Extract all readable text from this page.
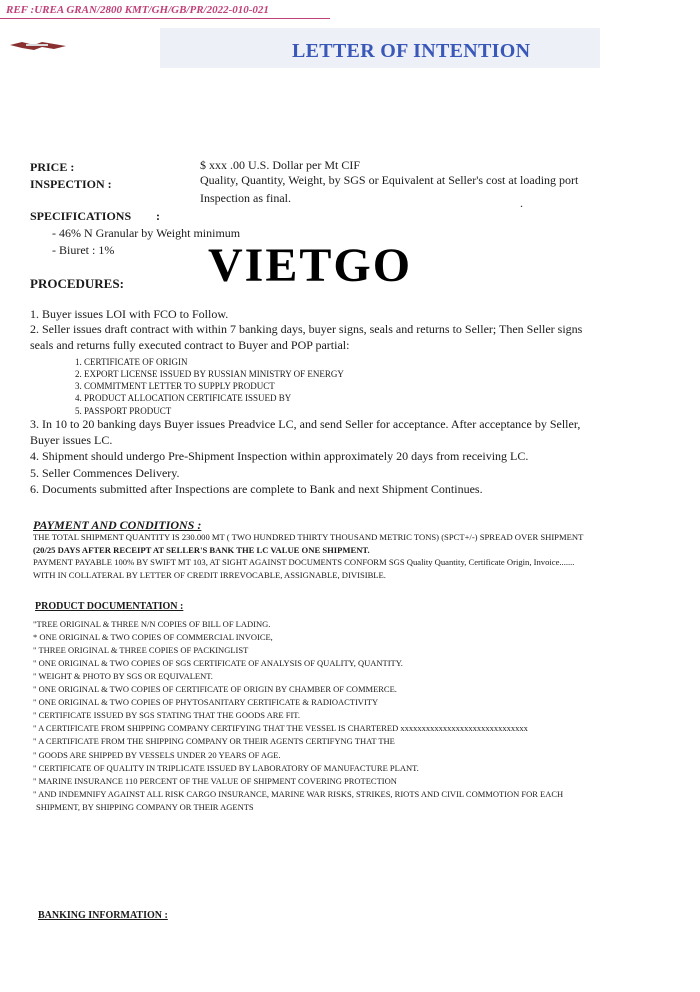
REF :UREA GRAN/2800 KMT/GH/GB/PR/2022-010-021
LETTER OF INTENTION
PRICE :	$ xxx .00 U.S. Dollar per Mt CIF
INSPECTION :	Quality, Quantity, Weight, by SGS or Equivalent at Seller's cost at loading port
Inspection as final.	.
SPECIFICATIONS :
- 46% N Granular by Weight minimum
- Biuret : 1% VIETGO
PROCEDURES:
1. Buyer issues LOI with FCO to Follow.
2. Seller issues draft contract with within 7 banking days, buyer signs, seals and returns to Seller; Then Seller signs
seals and returns fully executed contract to Buyer and POP partial:
1. CERTIFICATE OF ORIGIN
2. EXPORT LICENSE ISSUED BY RUSSIAN MINISTRY OF ENERGY
3. COMMITMENT LETTER TO SUPPLY PRODUCT
4. PRODUCT ALLOCATION CERTIFICATE ISSUED BY
5. PASSPORT PRODUCT
3. In 10 to 20 banking days Buyer issues Preadvice LC, and send Seller for acceptance. After acceptance by Seller,
Buyer issues LC.
4. Shipment should undergo Pre-Shipment Inspection within approximately 20 days from receiving LC.
5. Seller Commences Delivery.
6. Documents submitted after Inspections are complete to Bank and next Shipment Continues.
PAYMENT AND CONDITIONS :
THE TOTAL SHIPMENT QUANTITY IS 230.000 MT ( TWO HUNDRED THIRTY THOUSAND METRIC TONS) (SPCT+/-) SPREAD OVER SHIPMENT
(20/25 DAYS AFTER RECEIPT AT SELLER'S BANK THE LC VALUE ONE SHIPMENT.
PAYMENT PAYABLE 100% BY SWIFT MT 103, AT SIGHT AGAINST DOCUMENTS CONFORM SGS Quality Quantity, Certificate Origin, Invoice.......
WITH IN COLLATERAL BY LETTER OF CREDIT IRREVOCABLE, ASSIGNABLE, DIVISIBLE.
PRODUCT DOCUMENTATION :
"TREE ORIGINAL & THREE N/N COPIES OF BILL OF LADING.
* ONE ORIGINAL & TWO COPIES OF COMMERCIAL INVOICE,
" THREE ORIGINAL & THREE COPIES OF PACKINGLIST
" ONE ORIGINAL & TWO COPIES OF SGS CERTIFICATE OF ANALYSIS OF QUALITY, QUANTITY.
" WEIGHT & PHOTO BY SGS OR EQUIVALENT.
" ONE ORIGINAL & TWO COPIES OF CERTIFICATE OF ORIGIN BY CHAMBER OF COMMERCE.
" ONE ORIGINAL & TWO COPIES OF PHYTOSANITARY CERTIFICATE & RADIOACTIVITY
" CERTIFICATE ISSUED BY SGS STATING THAT THE GOODS ARE FIT.
" A CERTIFICATE FROM SHIPPING COMPANY CERTIFYING THAT THE VESSEL IS CHARTERED xxxxxxxxxxxxxxxxxxxxxxxxxxxxxx
" A CERTIFICATE FROM THE SHIPPING COMPANY OR THEIR AGENTS CERTIFYNG THAT THE
" GOODS ARE SHIPPED BY VESSELS UNDER 20 YEARS OF AGE.
" CERTIFICATE OF QUALITY IN TRIPLICATE ISSUED BY LABORATORY OF MANUFACTURE PLANT.
" MARINE INSURANCE 110 PERCENT OF THE VALUE OF SHIPMENT COVERING PROTECTION
" AND INDEMNIFY AGAINST ALL RISK CARGO INSURANCE, MARINE WAR RISKS, STRIKES, RIOTS AND CIVIL COMMOTION FOR EACH
SHIPMENT, BY SHIPPING COMPANY OR THEIR AGENTS
BANKING INFORMATION :
